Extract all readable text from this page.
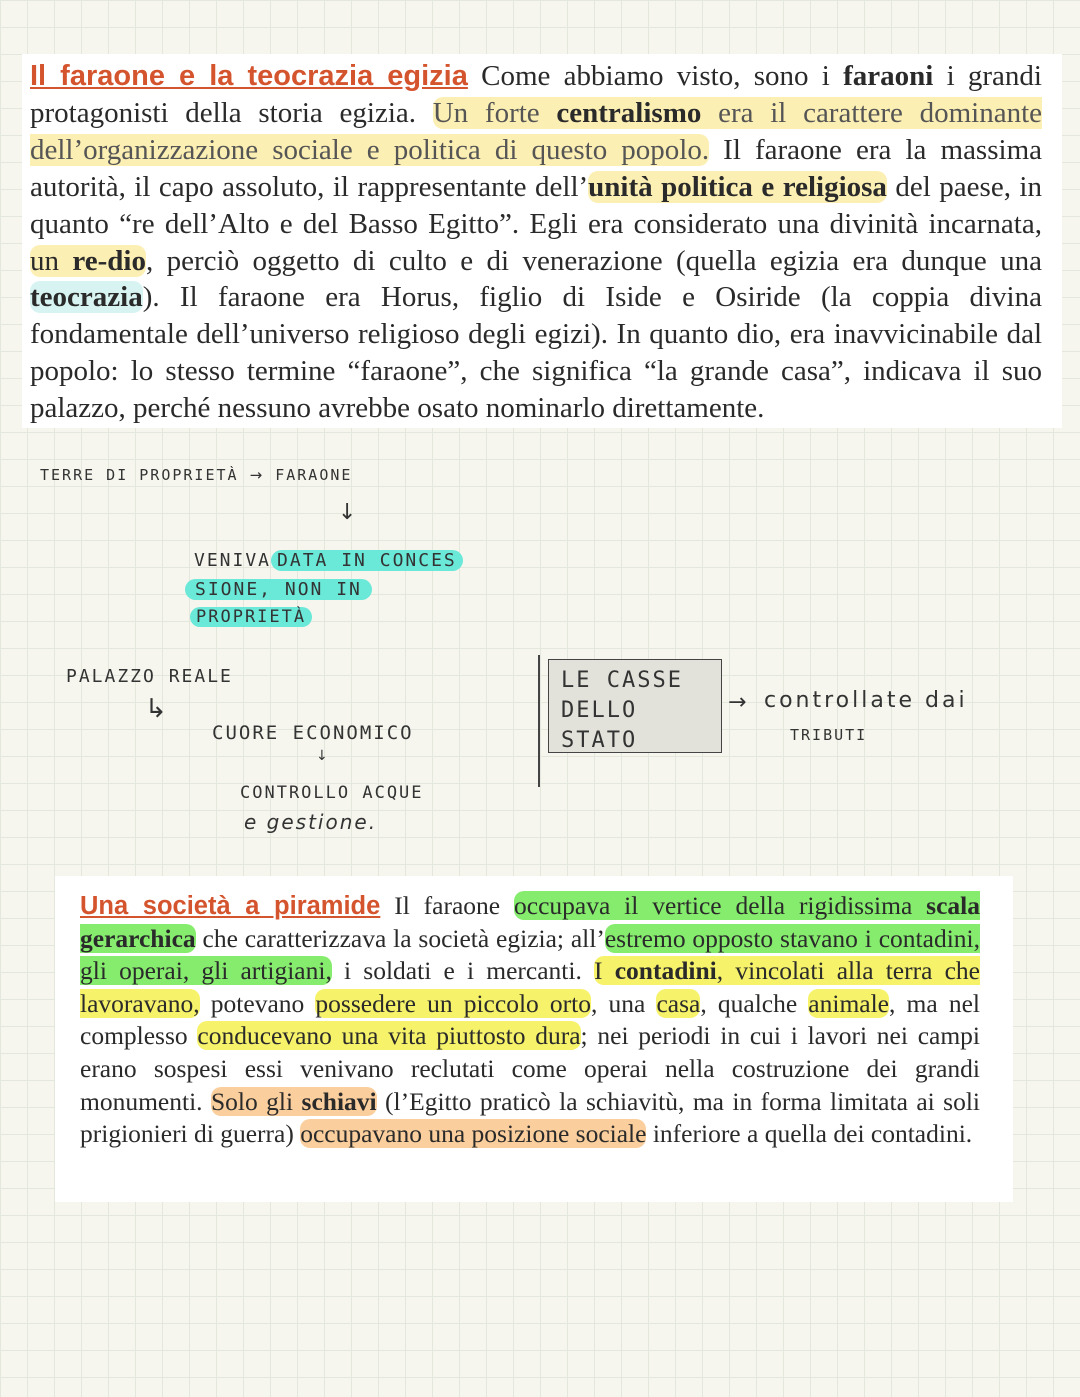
Il faraone e la teocrazia egizia Come abbiamo visto, sono i faraoni i grandi protagonisti della storia egizia. Un forte centralismo era il carattere dominante dell’organizzazione sociale e politica di questo popolo. Il faraone era la massima autorità, il capo assoluto, il rappresentante dell’unità politica e religiosa del paese, in quanto “re dell’Alto e del Basso Egitto”. Egli era considerato una divinità incarnata, un re-dio, perciò oggetto di culto e di venerazione (quella egizia era dunque una teocrazia). Il faraone era Horus, figlio di Iside e Osiride (la coppia divina fondamentale dell’universo religioso degli egizi). In quanto dio, era inavvicinabile dal popolo: lo stesso termine “faraone”, che significa “la grande casa”, indicava il suo palazzo, perché nessuno avrebbe osato nominarlo direttamente.

TERRE DI PROPRIETÀ → FARAONE
↓
VENIVA DATA IN CONCES
SIONE, NON IN
PROPRIETÀ
PALAZZO REALE
↳
CUORE ECONOMICO
↓
CONTROLLO ACQUE
e gestione.
LE CASSE
DELLO
STATO
→ controllate dai
TRIBUTI

Una società a piramide Il faraone occupava il vertice della rigidissima scala gerarchica che caratterizzava la società egizia; all’estremo opposto stavano i contadini, gli operai, gli artigiani, i soldati e i mercanti. I contadini, vincolati alla terra che lavoravano, potevano possedere un piccolo orto, una casa, qualche animale, ma nel complesso conducevano una vita piuttosto dura; nei periodi in cui i lavori nei campi erano sospesi essi venivano reclutati come operai nella costruzione dei grandi monumenti. Solo gli schiavi (l’Egitto praticò la schiavitù, ma in forma limitata ai soli prigionieri di guerra) occupavano una posizione sociale inferiore a quella dei contadini.
